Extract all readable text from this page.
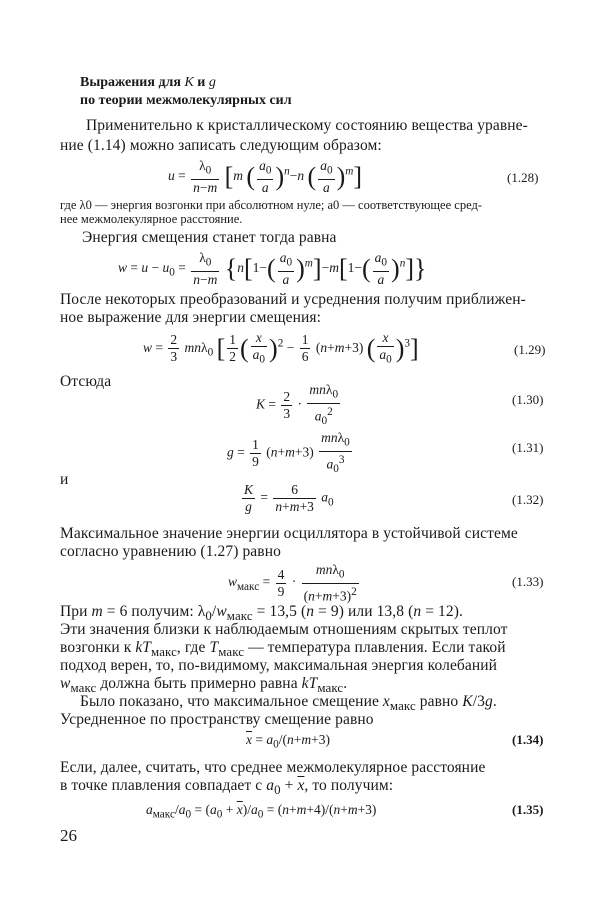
Выражения для K и g
по теории межмолекулярных сил
Применительно к кристаллическому состоянию вещества уравне-
ние (1.14) можно записать следующим образом:
$u = \frac{\lambda_0}{n-m} [m$ ( $\frac{a_0}{a} )^n-n$ ( $\frac{a_0}{a} )^m$]	(1.28)
где λ0 — энергия возгонки при абсолютном нуле; a0 — соответствующее сред-
нее межмолекулярное расстояние.
Энергия смещения станет тогда равна
$w = u - u_0 = \frac{\lambda_0}{n-m} \{n[1-( \frac{a_0}{a} )^m]-m[1-( \frac{a_0}{a} )^n]\}$
После некоторых преобразований и усреднения получим приближен-
ное выражение для энергии смещения:
$w = \frac{2}{3} mn\lambda_0$ [ $\frac{1}{2}$ ( $\frac{x}{a_0} )^2 - \frac{1}{6} (n+m+3)$ ( $\frac{x}{a_0} )^3$]	(1.29)
Отсюда
$K = \frac{2}{3} \cdot \frac{mn\lambda_0}{a_0^2}$	(1.30)
$g = \frac{1}{9} (n+m+3) \frac{mn\lambda_0}{a_0^3}$	(1.31)
и
$\frac{K}{g} = \frac{6}{n+m+3} a_0$	(1.32)
Максимальное значение энергии осциллятора в устойчивой системе
согласно уравнению (1.27) равно
$w_{макс} = \frac{4}{9} \cdot \frac{mn\lambda_0}{(n+m+3)^2}$	(1.33)
При m = 6 получим: $\lambda_0/w_{макс} = 13,5$ (n = 9) или 13,8 (n = 12).
Эти значения близки к наблюдаемым отношениям скрытых теплот
возгонки к $kT_{макс}$, где $T_{макс}$ — температура плавления. Если такой
подход верен, то, по-видимому, максимальная энергия колебаний
$w_{макс}$ должна быть примерно равна $kT_{макс}$.
Было показано, что максимальное смещение $x_{макс}$ равно K/3g.
Усредненное по пространству смещение равно
$\overline{x} = a_0/(n+m+3)$	(1.34)
Если, далее, считать, что среднее межмолекулярное расстояние
в точке плавления совпадает с $a_0 + \overline{x}$, то получим:
$a_{макс}/a_0 = (a_0 + \overline{x})/a_0 = (n+m+4)/(n+m+3)$	(1.35)
26
